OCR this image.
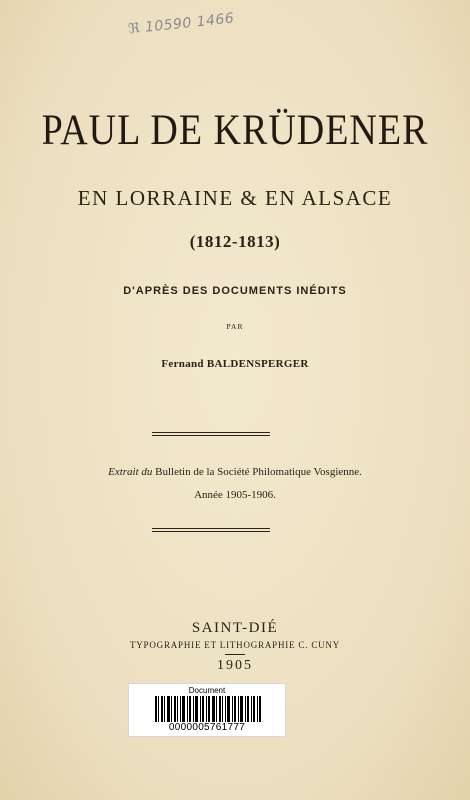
ℜ 10590 1466
PAUL DE KRÜDENER
EN LORRAINE & EN ALSACE
(1812-1813)
D'APRÈS DES DOCUMENTS INÉDITS
PAR
Fernand BALDENSPERGER
Extrait du Bulletin de la Société Philomatique Vosgienne.
Année 1905-1906.
SAINT-DIÉ
TYPOGRAPHIE ET LITHOGRAPHIE C. CUNY
1905
Document
0000005761777
